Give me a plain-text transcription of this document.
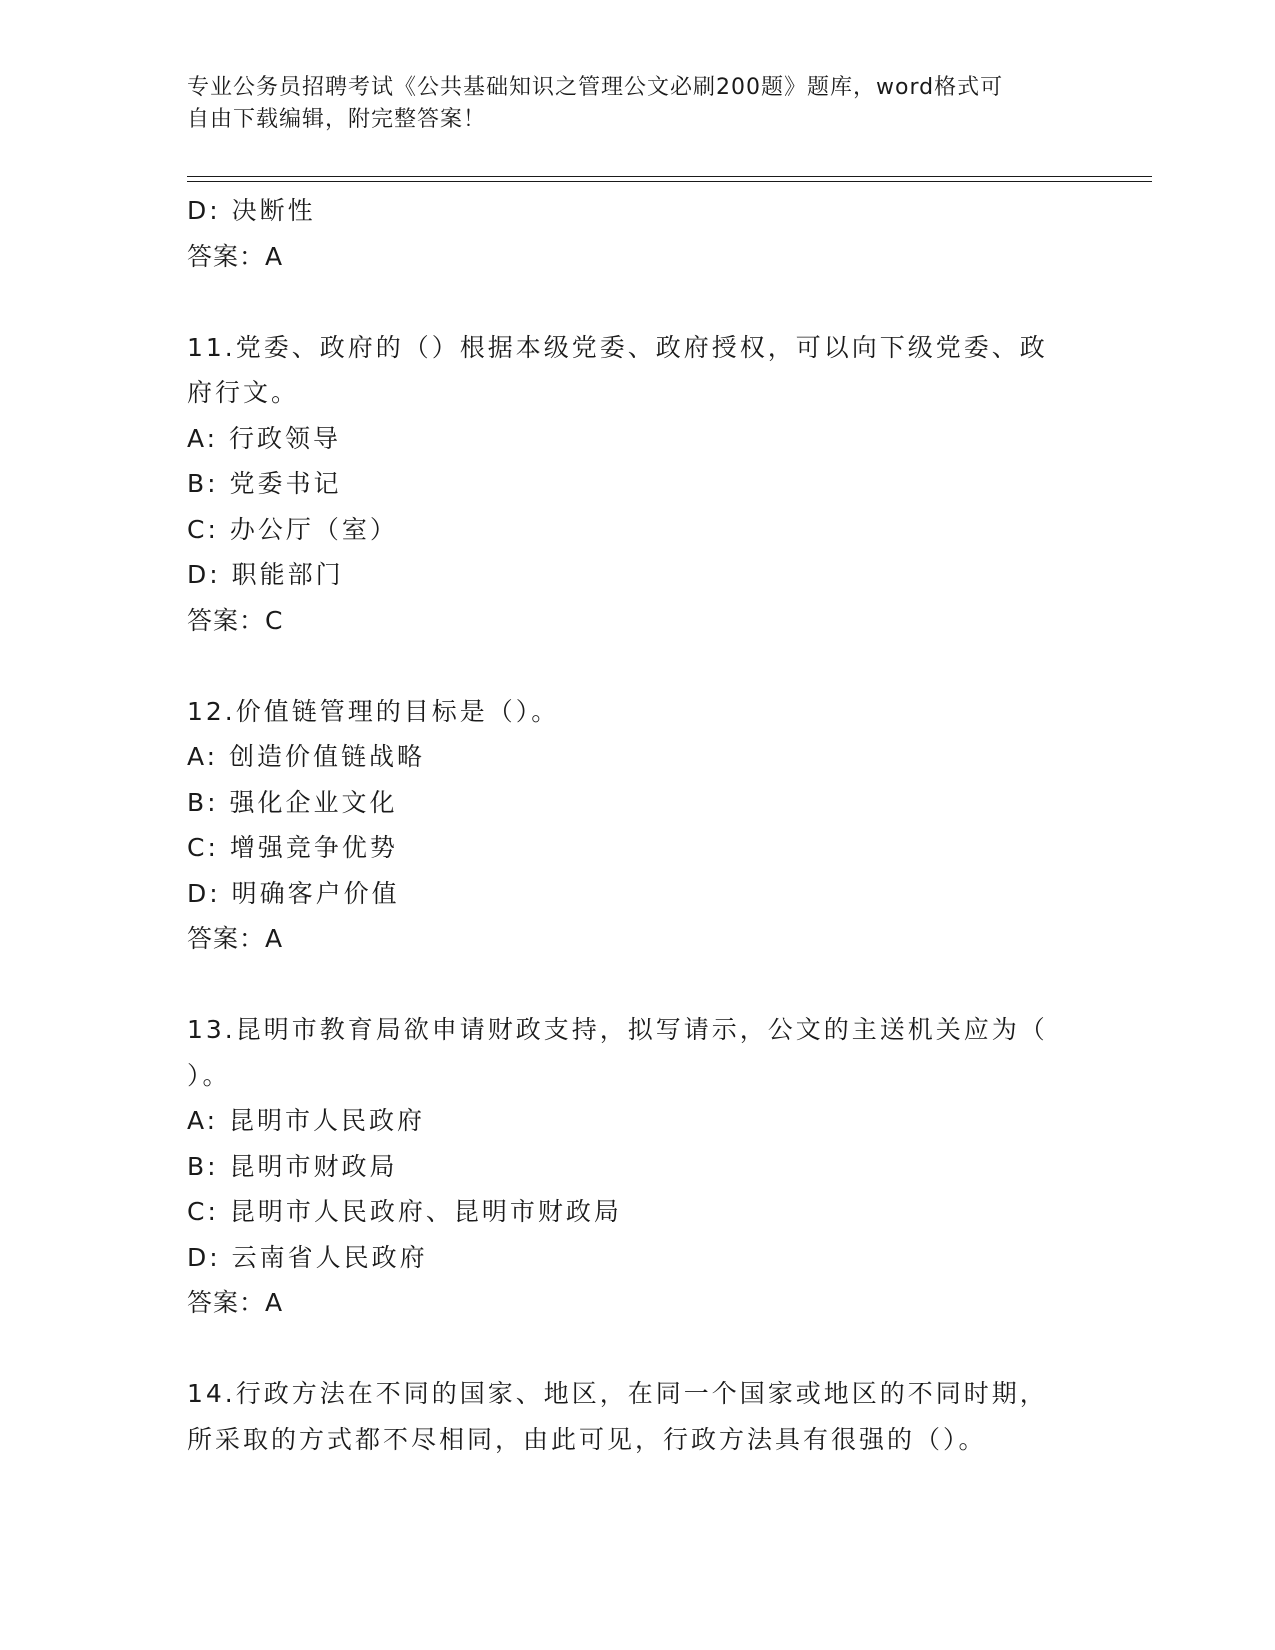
专业公务员招聘考试《公共基础知识之管理公文必刷200题》题库，word格式可
自由下载编辑，附完整答案！
D: 决断性
答案：A
11.党委、政府的（）根据本级党委、政府授权，可以向下级党委、政
府行文。
A: 行政领导
B: 党委书记
C: 办公厅（室）
D: 职能部门
答案：C
12.价值链管理的目标是（）。
A: 创造价值链战略
B: 强化企业文化
C: 增强竞争优势
D: 明确客户价值
答案：A
13.昆明市教育局欲申请财政支持，拟写请示，公文的主送机关应为（
）。
A: 昆明市人民政府
B: 昆明市财政局
C: 昆明市人民政府、昆明市财政局
D: 云南省人民政府
答案：A
14.行政方法在不同的国家、地区，在同一个国家或地区的不同时期，
所采取的方式都不尽相同，由此可见，行政方法具有很强的（）。
